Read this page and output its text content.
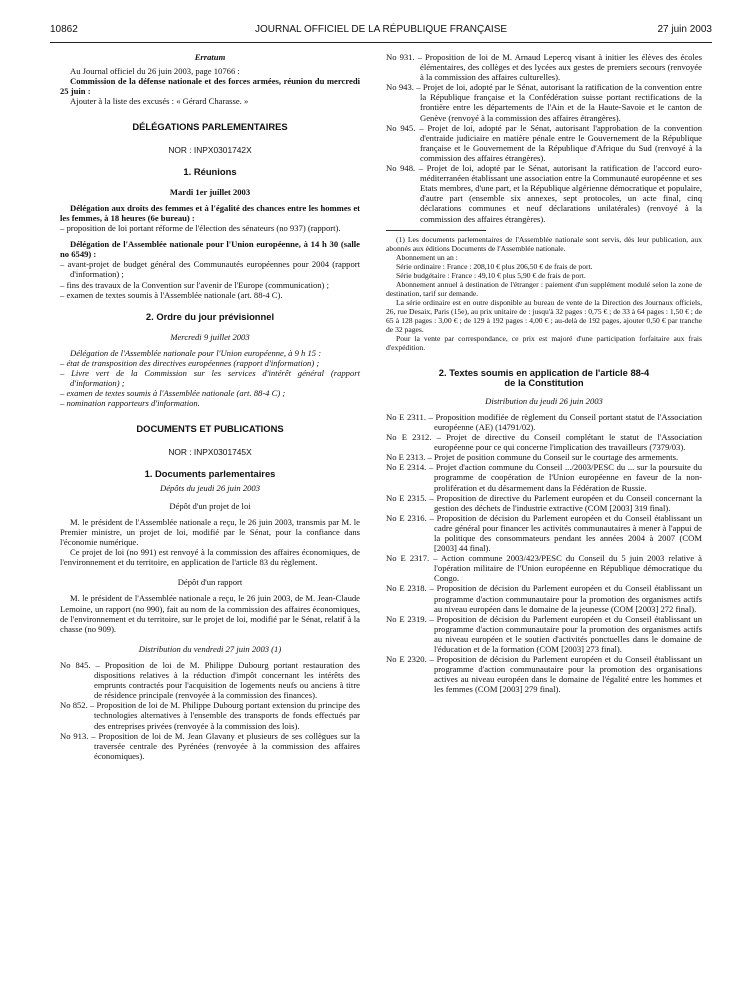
10862	JOURNAL OFFICIEL DE LA RÉPUBLIQUE FRANÇAISE	27 juin 2003

Erratum

Au Journal officiel du 26 juin 2003, page 10766 :

Commission de la défense nationale et des forces armées, réunion du mercredi 25 juin :

Ajouter à la liste des excusés : « Gérard Charasse. »

DÉLÉGATIONS PARLEMENTAIRES

NOR : INPX0301742X

1. Réunions

Mardi 1er juillet 2003

Délégation aux droits des femmes et à l'égalité des chances entre les hommes et les femmes, à 18 heures (6e bureau) :

– proposition de loi portant réforme de l'élection des sénateurs (no 937) (rapport).

Délégation de l'Assemblée nationale pour l'Union européenne, à 14 h 30 (salle no 6549) :

– avant-projet de budget général des Communautés européennes pour 2004 (rapport d'information) ;

– fins des travaux de la Convention sur l'avenir de l'Europe (communication) ;

– examen de textes soumis à l'Assemblée nationale (art. 88-4 C).

2. Ordre du jour prévisionnel

Mercredi 9 juillet 2003

Délégation de l'Assemblée nationale pour l'Union européenne, à 9 h 15 :

– état de transposition des directives européennes (rapport d'information) ;

– Livre vert de la Commission sur les services d'intérêt général (rapport d'information) ;

– examen de textes soumis à l'Assemblée nationale (art. 88-4 C) ;

– nomination rapporteurs d'information.

DOCUMENTS ET PUBLICATIONS

NOR : INPX0301745X

1. Documents parlementaires

Dépôts du jeudi 26 juin 2003

Dépôt d'un projet de loi

M. le président de l'Assemblée nationale a reçu, le 26 juin 2003, transmis par M. le Premier ministre, un projet de loi, modifié par le Sénat, pour la confiance dans l'économie numérique.

Ce projet de loi (no 991) est renvoyé à la commission des affaires économiques, de l'environnement et du territoire, en application de l'article 83 du règlement.

Dépôt d'un rapport

M. le président de l'Assemblée nationale a reçu, le 26 juin 2003, de M. Jean-Claude Lemoine, un rapport (no 990), fait au nom de la commission des affaires économiques, de l'environnement et du territoire, sur le projet de loi, modifié par le Sénat, relatif à la chasse (no 909).

Distribution du vendredi 27 juin 2003 (1)

No 845. – Proposition de loi de M. Philippe Dubourg portant restauration des dispositions relatives à la réduction d'impôt concernant les intérêts des emprunts contractés pour l'acquisition de logements neufs ou anciens à titre de résidence principale (renvoyée à la commission des finances).

No 852. – Proposition de loi de M. Philippe Dubourg portant extension du principe des technologies alternatives à l'ensemble des transports de fonds effectués par des entreprises privées (renvoyée à la commission des lois).

No 913. – Proposition de loi de M. Jean Glavany et plusieurs de ses collègues sur la traversée centrale des Pyrénées (renvoyée à la commission des affaires économiques).

No 931. – Proposition de loi de M. Arnaud Lepercq visant à initier les élèves des écoles élémentaires, des collèges et des lycées aux gestes de premiers secours (renvoyée à la commission des affaires culturelles).

No 943. – Projet de loi, adopté par le Sénat, autorisant la ratification de la convention entre la République française et la Confédération suisse portant rectifications de la frontière entre les départements de l'Ain et de la Haute-Savoie et le canton de Genève (renvoyé à la commission des affaires étrangères).

No 945. – Projet de loi, adopté par le Sénat, autorisant l'approbation de la convention d'entraide judiciaire en matière pénale entre le Gouvernement de la République française et le Gouvernement de la République d'Afrique du Sud (renvoyé à la commission des affaires étrangères).

No 948. – Projet de loi, adopté par le Sénat, autorisant la ratification de l'accord euro-méditerranéen établissant une association entre la Communauté européenne et ses Etats membres, d'une part, et la République algérienne démocratique et populaire, d'autre part (ensemble six annexes, sept protocoles, un acte final, cinq déclarations communes et neuf déclarations unilatérales) (renvoyé à la commission des affaires étrangères).

(1) Les documents parlementaires de l'Assemblée nationale sont servis, dès leur publication, aux abonnés aux éditions Documents de l'Assemblée nationale.

Abonnement un an :

Série ordinaire : France : 208,10 € plus 206,50 € de frais de port.

Série budgétaire : France : 49,10 € plus 5,90 € de frais de port.

Abonnement annuel à destination de l'étranger : paiement d'un supplément modulé selon la zone de destination, tarif sur demande.

La série ordinaire est en outre disponible au bureau de vente de la Direction des Journaux officiels, 26, rue Desaix, Paris (15e), au prix unitaire de : jusqu'à 32 pages : 0,75 € ; de 33 à 64 pages : 1,50 € ; de 65 à 128 pages : 3,00 € ; de 129 à 192 pages : 4,00 € ; au-delà de 192 pages, ajouter 0,50 € par tranche de 32 pages.

Pour la vente par correspondance, ce prix est majoré d'une participation forfaitaire aux frais d'expédition.

2. Textes soumis en application de l'article 88-4

de la Constitution

Distribution du jeudi 26 juin 2003

No E 2311. – Proposition modifiée de règlement du Conseil portant statut de l'Association européenne (AE) (14791/02).

No E 2312. – Projet de directive du Conseil complétant le statut de l'Association européenne pour ce qui concerne l'implication des travailleurs (7379/03).

No E 2313. – Projet de position commune du Conseil sur le courtage des armements.

No E 2314. – Projet d'action commune du Conseil .../2003/PESC du ... sur la poursuite du programme de coopération de l'Union européenne en faveur de la non-prolifération et du désarmement dans la Fédération de Russie.

No E 2315. – Proposition de directive du Parlement européen et du Conseil concernant la gestion des déchets de l'industrie extractive (COM [2003] 319 final).

No E 2316. – Proposition de décision du Parlement européen et du Conseil établissant un cadre général pour financer les activités communautaires à mener à l'appui de la politique des consommateurs pendant les années 2004 à 2007 (COM [2003] 44 final).

No E 2317. – Action commune 2003/423/PESC du Conseil du 5 juin 2003 relative à l'opération militaire de l'Union européenne en République démocratique du Congo.

No E 2318. – Proposition de décision du Parlement européen et du Conseil établissant un programme d'action communautaire pour la promotion des organismes actifs au niveau européen dans le domaine de la jeunesse (COM [2003] 272 final).

No E 2319. – Proposition de décision du Parlement européen et du Conseil établissant un programme d'action communautaire pour la promotion des organismes actifs au niveau européen et le soutien d'activités ponctuelles dans le domaine de l'éducation et de la formation (COM [2003] 273 final).

No E 2320. – Proposition de décision du Parlement européen et du Conseil établissant un programme d'action communautaire pour la promotion des organisations actives au niveau européen dans le domaine de l'égalité entre les hommes et les femmes (COM [2003] 279 final).
